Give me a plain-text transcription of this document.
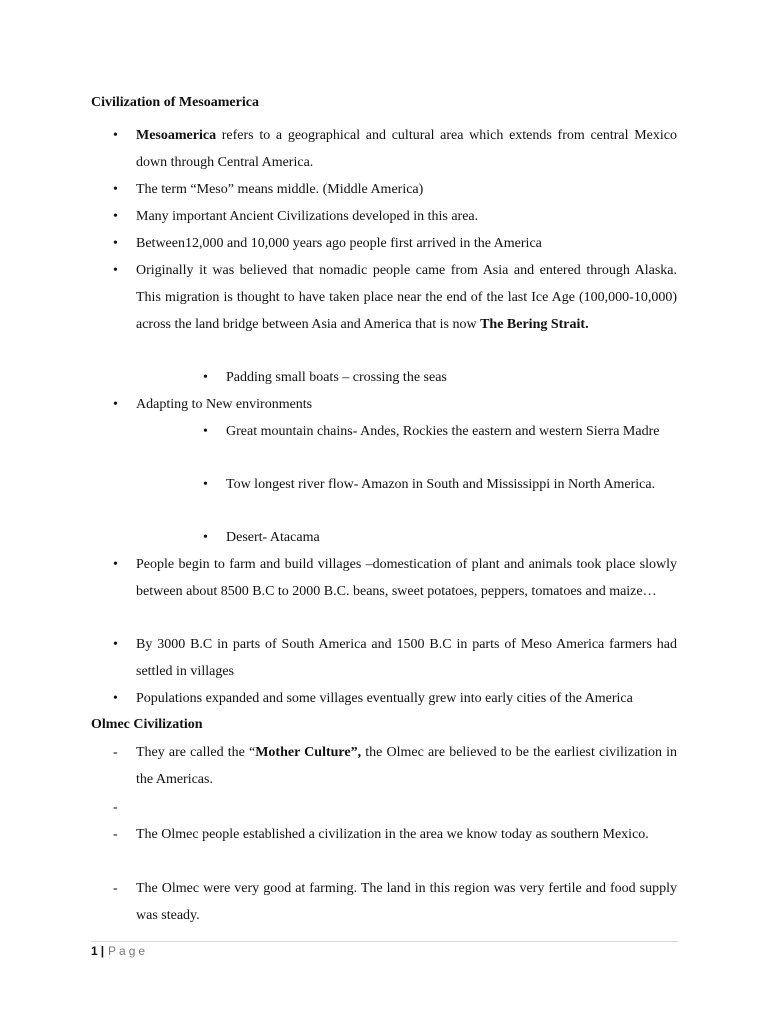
Civilization of Mesoamerica
• Mesoamerica refers to a geographical and cultural area which extends from central Mexico down through Central America.
• The term “Meso” means middle. (Middle America)
• Many important Ancient Civilizations developed in this area.
• Between12,000 and 10,000 years ago people first arrived in the America
• Originally it was believed that nomadic people came from Asia and entered through Alaska. This migration is thought to have taken place near the end of the last Ice Age (100,000-10,000) across the land bridge between Asia and America that is now The Bering Strait.
• Padding small boats – crossing the seas
• Adapting to New environments
• Great mountain chains- Andes, Rockies the eastern and western Sierra Madre
• Tow longest river flow- Amazon in South and Mississippi in North America.
• Desert- Atacama
• People begin to farm and build villages –domestication of plant and animals took place slowly between about 8500 B.C to 2000 B.C. beans, sweet potatoes, peppers, tomatoes and maize…
• By 3000 B.C in parts of South America and 1500 B.C in parts of Meso America farmers had settled in villages
• Populations expanded and some villages eventually grew into early cities of the America
Olmec Civilization
- They are called the “Mother Culture”, the Olmec are believed to be the earliest civilization in the Americas.
-
- The Olmec people established a civilization in the area we know today as southern Mexico.
- The Olmec were very good at farming. The land in this region was very fertile and food supply was steady.
1 | Page
